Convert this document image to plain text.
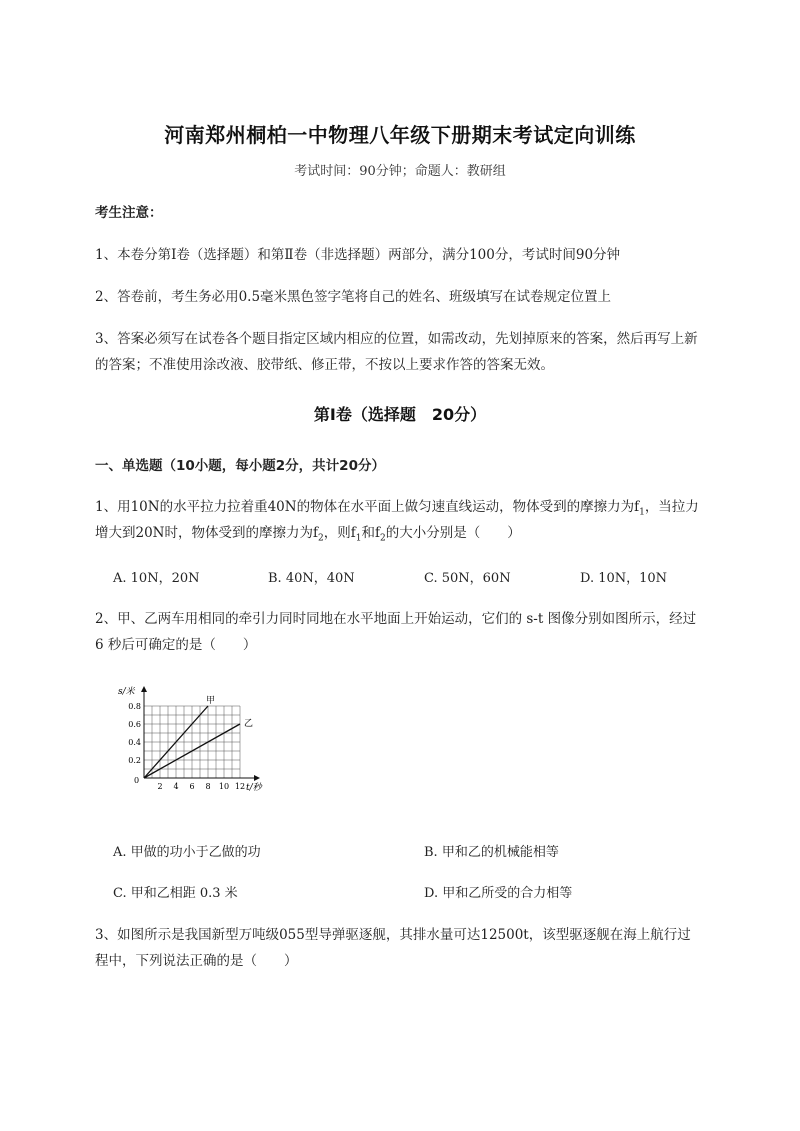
河南郑州桐柏一中物理八年级下册期末考试定向训练
考试时间：90分钟；命题人：教研组
考生注意：
1、本卷分第Ⅰ卷（选择题）和第Ⅱ卷（非选择题）两部分，满分100分，考试时间90分钟
2、答卷前，考生务必用0.5毫米黑色签字笔将自己的姓名、班级填写在试卷规定位置上
3、答案必须写在试卷各个题目指定区域内相应的位置，如需改动，先划掉原来的答案，然后再写上新
的答案；不准使用涂改液、胶带纸、修正带，不按以上要求作答的答案无效。
第Ⅰ卷（选择题　20分）
一、单选题（10小题，每小题2分，共计20分）
1、用10N的水平拉力拉着重40N的物体在水平面上做匀速直线运动，物体受到的摩擦力为$f_1$，当拉力
增大到20N时，物体受到的摩擦力为$f_2$，则$f_1$和$f_2$的大小分别是（　　）
A. 10N，20N	B. 40N，40N	C. 50N，60N	D. 10N，10N
2、甲、乙两车用相同的牵引力同时同地在水平地面上开始运动，它们的 s-t 图像分别如图所示，经过
6 秒后可确定的是（　　）
s/米
t/秒
0
2 4 6 8 10 12
0.2
0.4
0.6
0.8
甲
乙
A. 甲做的功小于乙做的功	B. 甲和乙的机械能相等
C. 甲和乙相距 0.3 米	D. 甲和乙所受的合力相等
3、如图所示是我国新型万吨级055型导弹驱逐舰，其排水量可达12500t，该型驱逐舰在海上航行过
程中，下列说法正确的是（　　）
